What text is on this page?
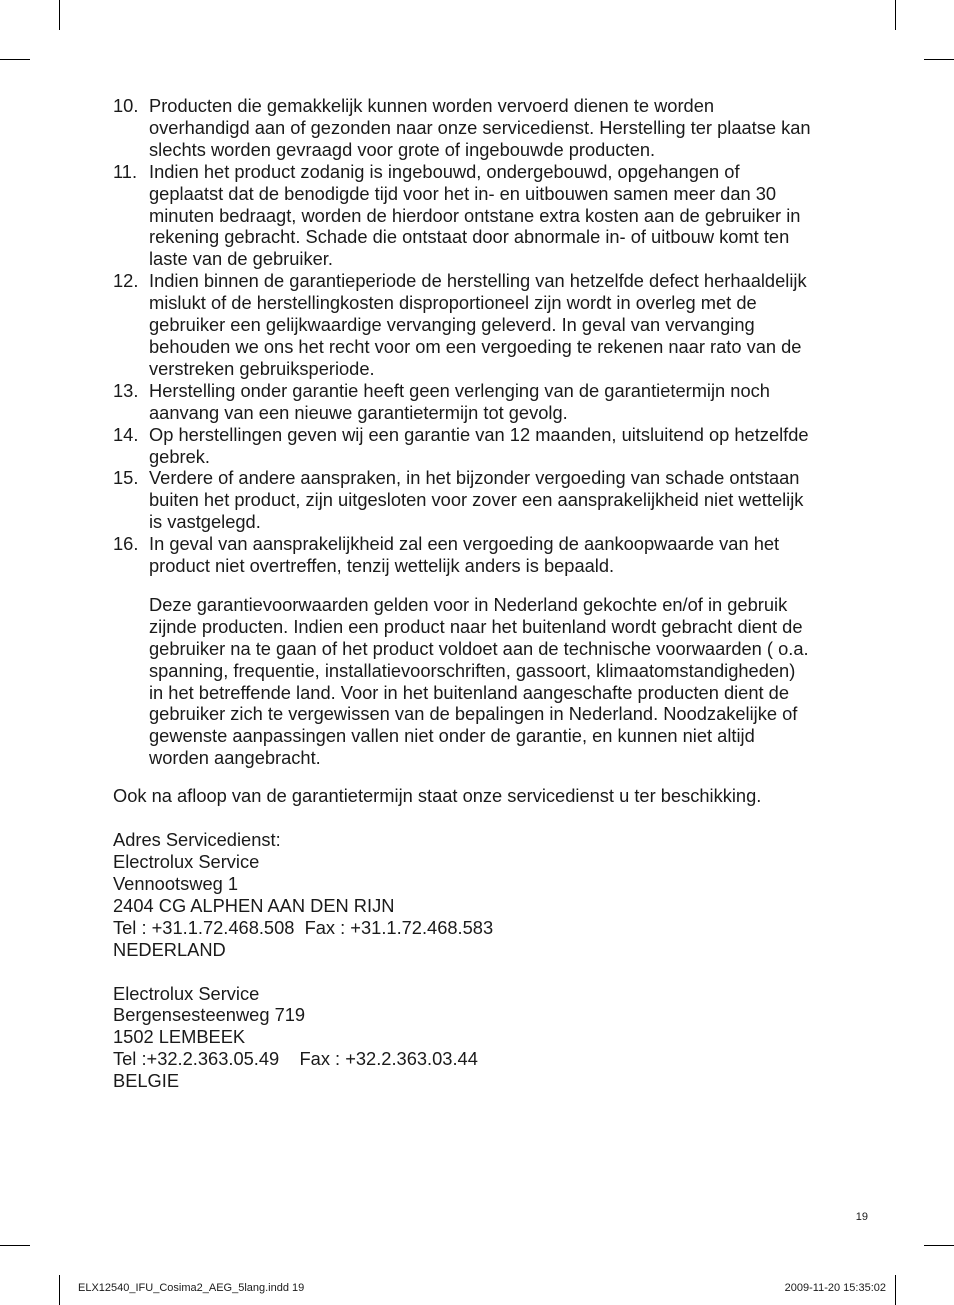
10. Producten die gemakkelijk kunnen worden vervoerd dienen te worden overhandigd aan of gezonden naar onze servicedienst. Herstelling ter plaatse kan slechts worden gevraagd voor grote of ingebouwde producten.
11. Indien het product zodanig is ingebouwd, ondergebouwd, opgehangen of geplaatst dat de benodigde tijd voor het in- en uitbouwen samen meer dan 30 minuten bedraagt, worden de hierdoor ontstane extra kosten aan de gebruiker in rekening gebracht. Schade die ontstaat door abnormale in- of uitbouw komt ten laste van de gebruiker.
12. Indien binnen de garantieperiode de herstelling van hetzelfde defect herhaaldelijk mislukt of de herstellingkosten disproportioneel zijn wordt in overleg met de gebruiker een gelijkwaardige vervanging geleverd. In geval van vervanging behouden we ons het recht voor om een vergoeding te rekenen naar rato van de verstreken gebruiksperiode.
13. Herstelling onder garantie heeft geen verlenging van de garantietermijn noch aanvang van een nieuwe garantietermijn tot gevolg.
14. Op herstellingen geven wij een garantie van 12 maanden, uitsluitend op hetzelfde gebrek.
15. Verdere of andere aanspraken, in het bijzonder vergoeding van schade ontstaan buiten het product, zijn uitgesloten voor zover een aansprakelijkheid niet wettelijk is vastgelegd.
16. In geval van aansprakelijkheid zal een vergoeding de aankoopwaarde van het product niet overtreffen, tenzij wettelijk anders is bepaald.
Deze garantievoorwaarden gelden voor in Nederland gekochte en/of in gebruik zijnde producten. Indien een product naar het buitenland wordt gebracht dient de gebruiker na te gaan of het product voldoet aan de technische voorwaarden ( o.a. spanning, frequentie, installatievoorschriften, gassoort, klimaatomstandigheden) in het betreffende land. Voor in het buitenland aangeschafte producten dient de gebruiker zich te vergewissen van de bepalingen in Nederland. Noodzakelijke of gewenste aanpassingen vallen niet onder de garantie, en kunnen niet altijd worden aangebracht.
Ook na afloop van de garantietermijn staat onze servicedienst u ter beschikking.
Adres Servicedienst:
Electrolux Service
Vennootsweg 1
2404 CG ALPHEN AAN DEN RIJN
Tel : +31.1.72.468.508  Fax : +31.1.72.468.583
NEDERLAND
Electrolux Service
Bergensesteenweg 719
1502 LEMBEEK
Tel :+32.2.363.05.49    Fax : +32.2.363.03.44
BELGIE
19
ELX12540_IFU_Cosima2_AEG_5lang.indd 19	2009-11-20 15:35:02
